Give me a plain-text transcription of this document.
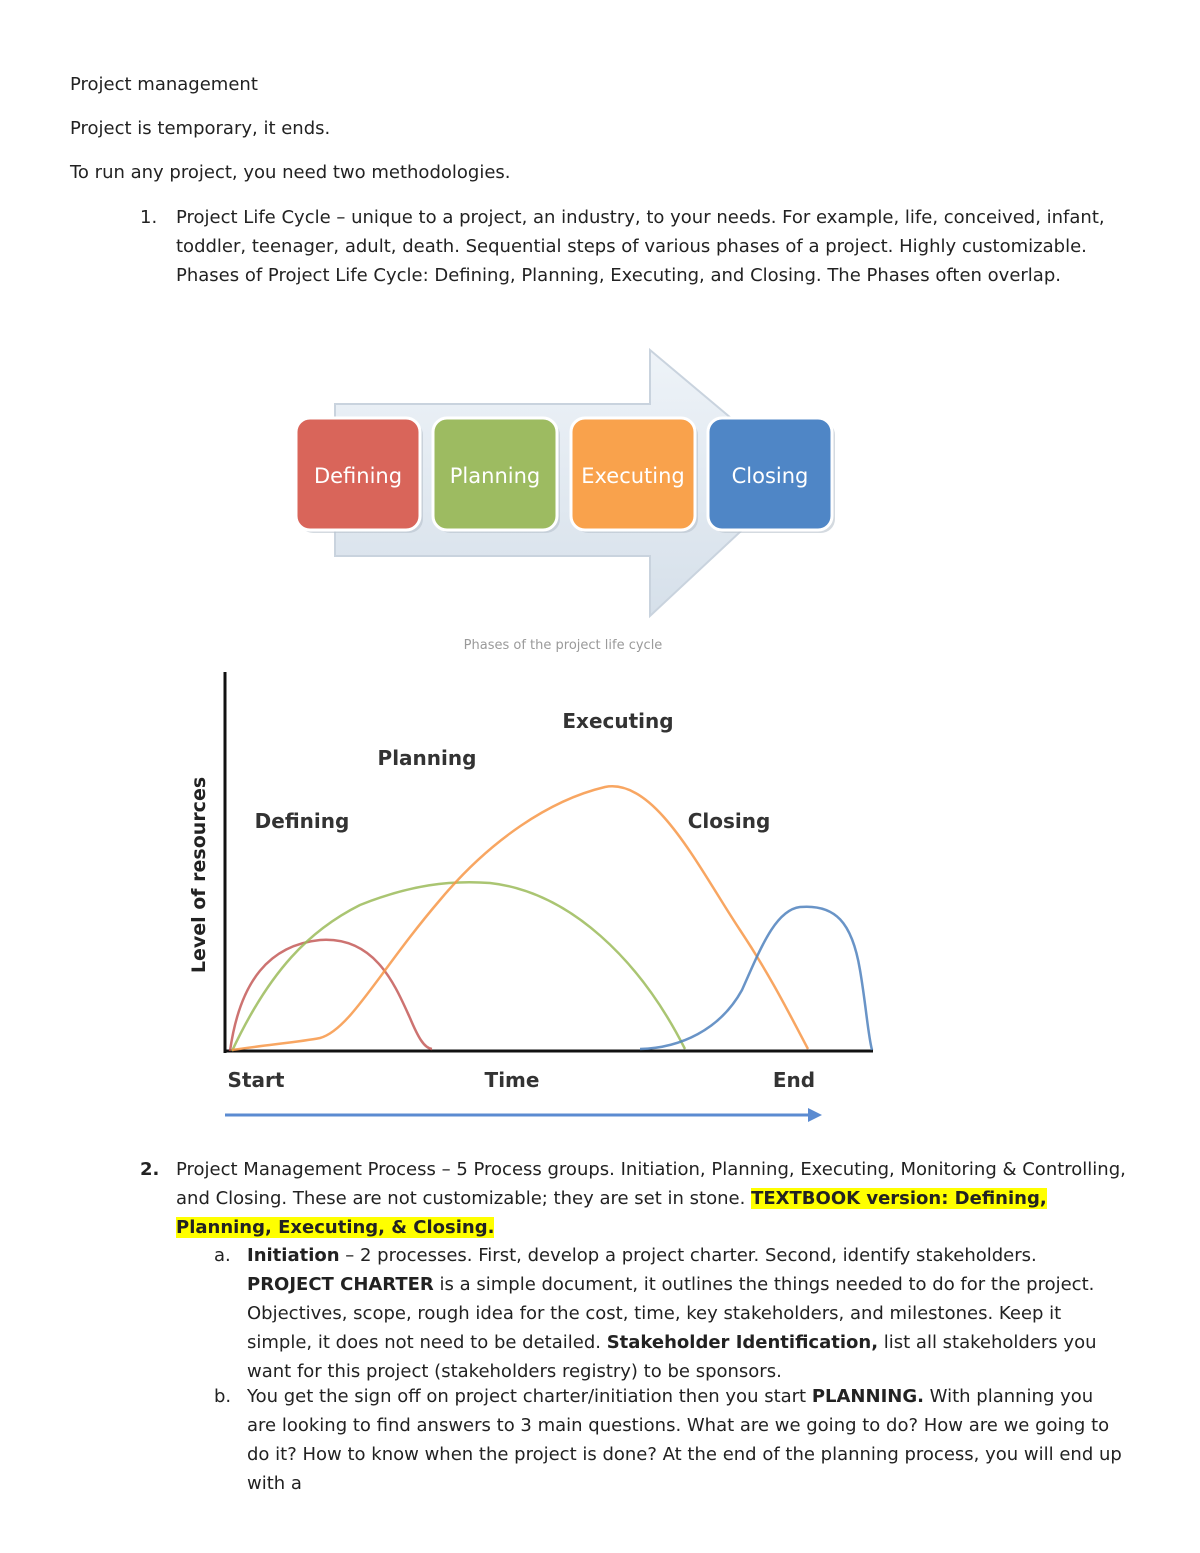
Project management
Project is temporary, it ends.
To run any project, you need two methodologies.
1. Project Life Cycle – unique to a project, an industry, to your needs. For example, life, conceived, infant, toddler, teenager, adult, death. Sequential steps of various phases of a project. Highly customizable. Phases of Project Life Cycle: Defining, Planning, Executing, and Closing. The Phases often overlap.
Defining Planning Executing Closing
Phases of the project life cycle
Level of resources Defining
Planning
Executing
Closing
Start	Time	End
2. Project Management Process – 5 Process groups. Initiation, Planning, Executing, Monitoring & Controlling, and Closing. These are not customizable; they are set in stone. TEXTBOOK version: Defining, Planning, Executing, & Closing.
a. Initiation – 2 processes. First, develop a project charter. Second, identify stakeholders. PROJECT CHARTER is a simple document, it outlines the things needed to do for the project. Objectives, scope, rough idea for the cost, time, key stakeholders, and milestones. Keep it simple, it does not need to be detailed. Stakeholder Identification, list all stakeholders you want for this project (stakeholders registry) to be sponsors.
b. You get the sign off on project charter/initiation then you start PLANNING. With planning you are looking to find answers to 3 main questions. What are we going to do? How are we going to do it? How to know when the project is done? At the end of the planning process, you will end up with a
